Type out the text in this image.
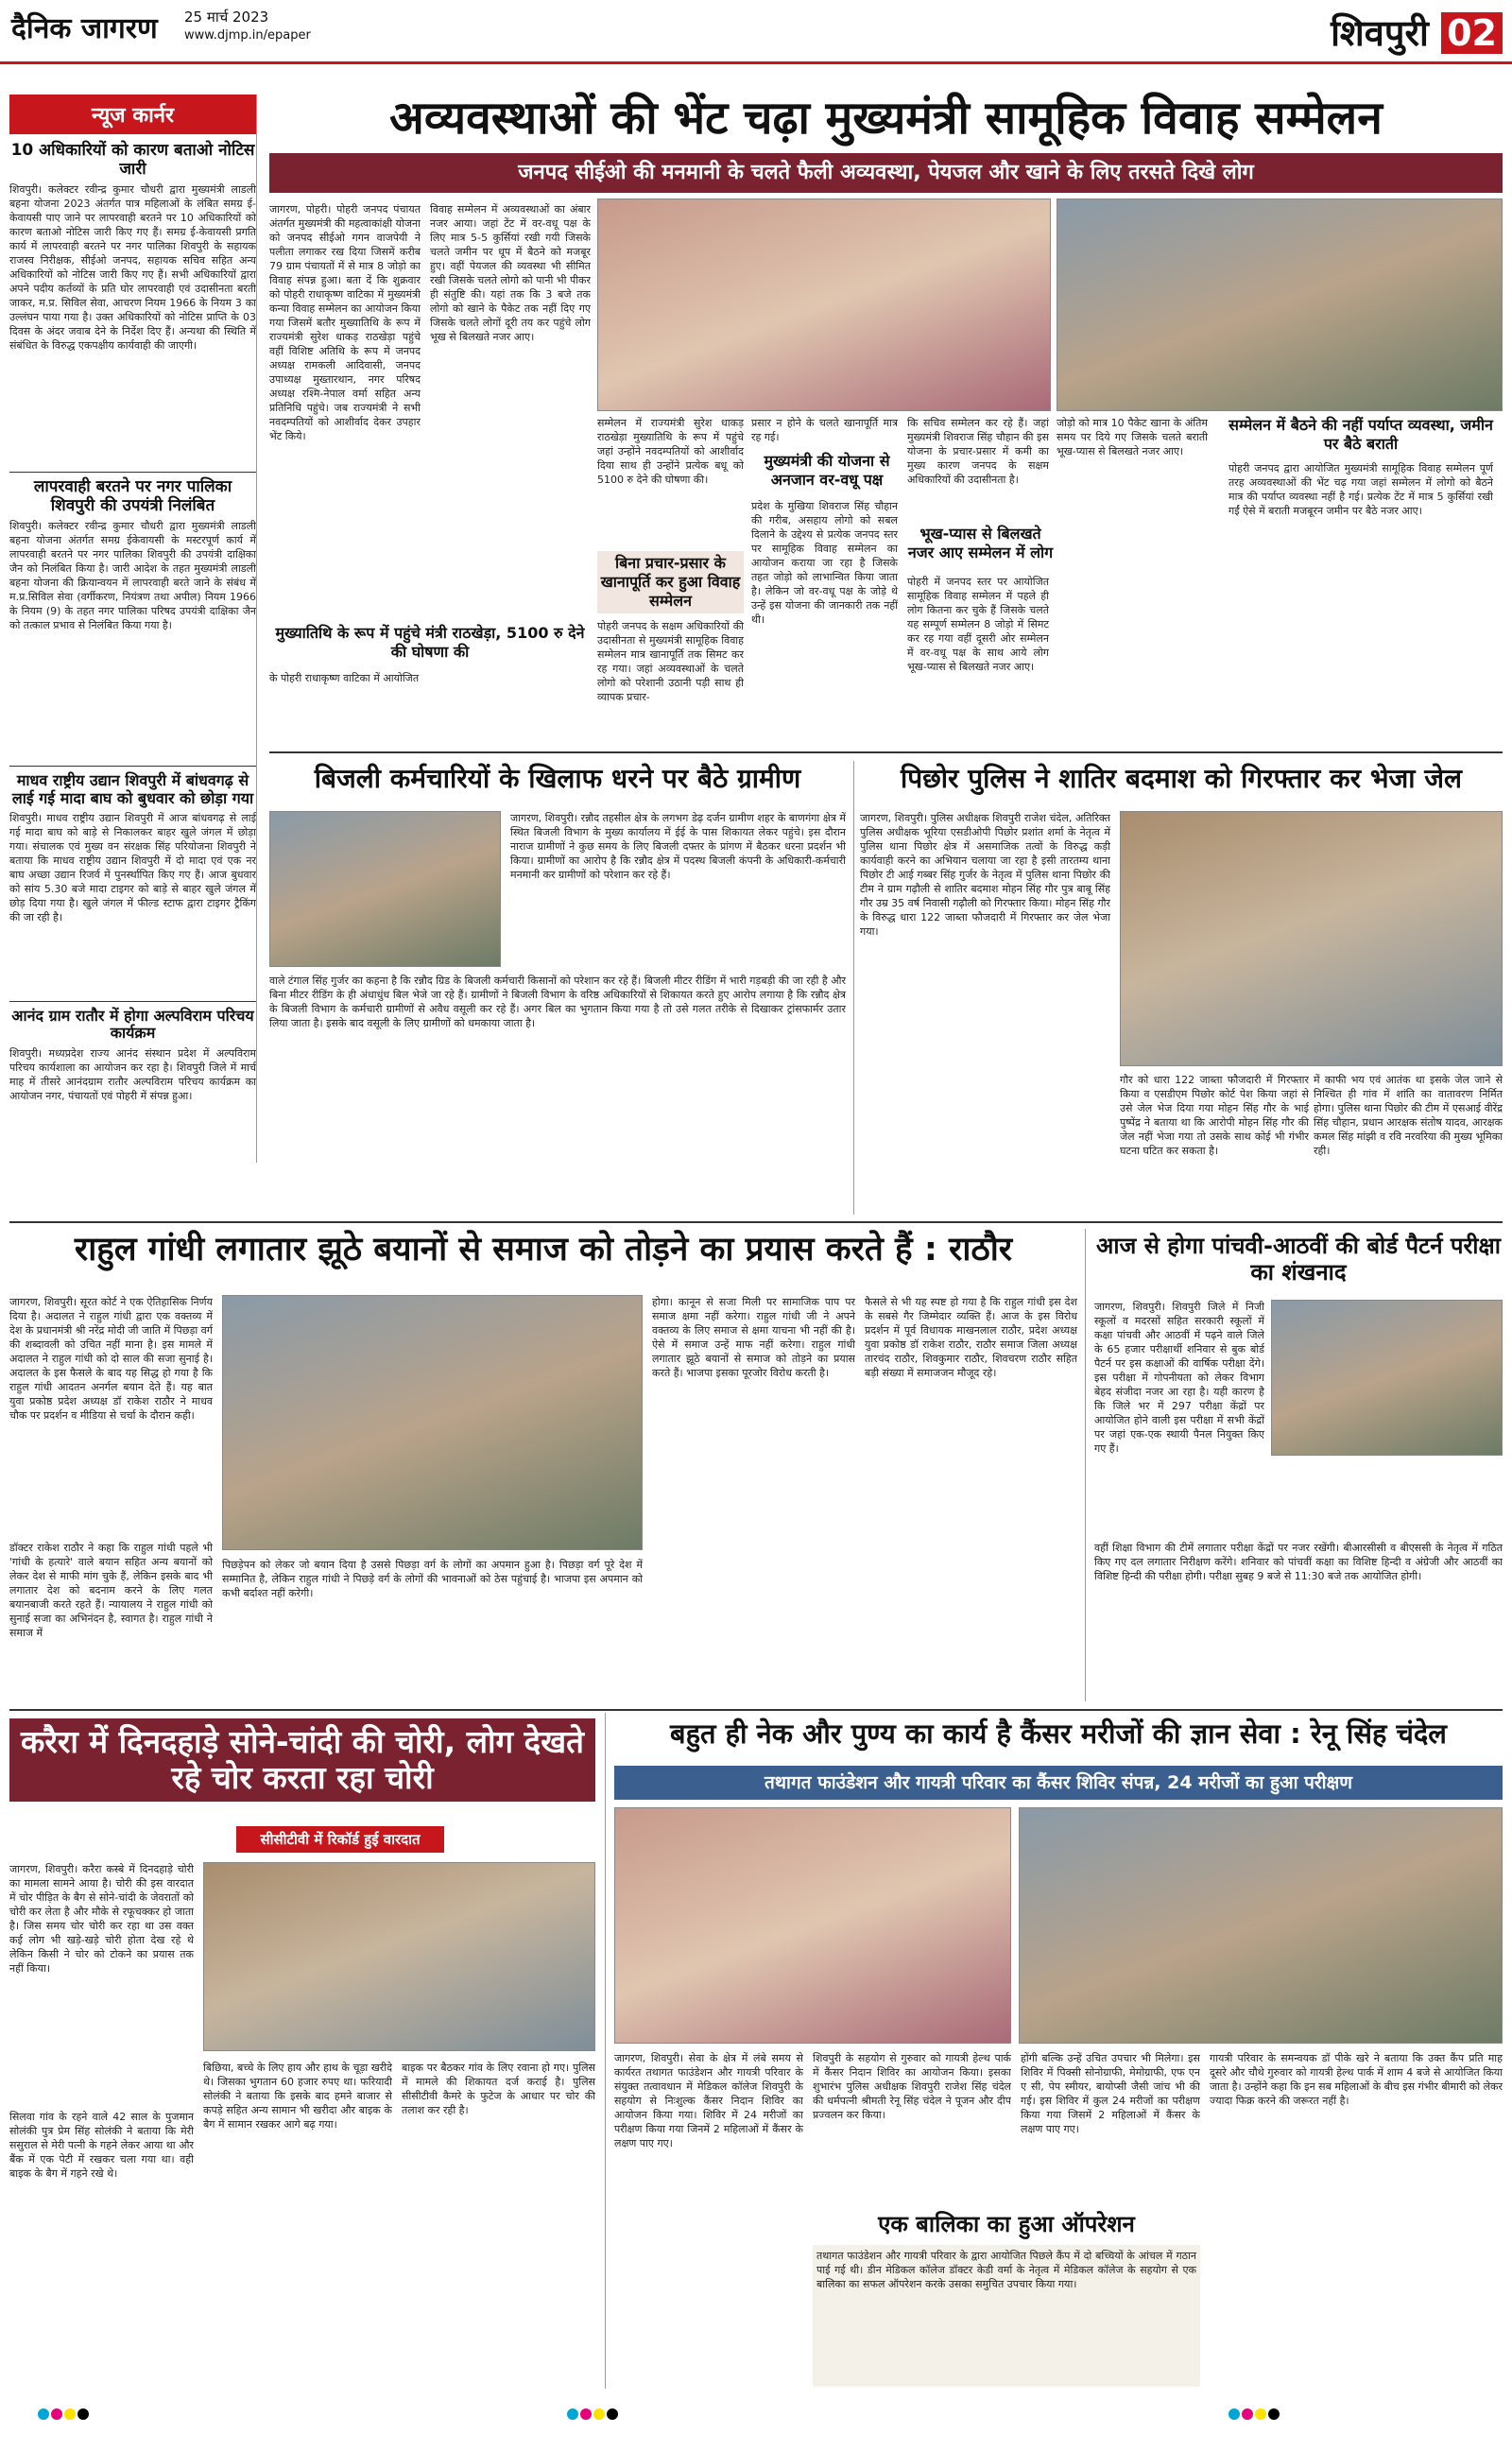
दैनिक जागरण 25 मार्च 2023
www.djmp.in/epaper	शिवपुरी 02
न्यूज कार्नर
10 अधिकारियों को कारण बताओ नोटिस जारी
शिवपुरी। कलेक्टर रवीन्द्र कुमार चौधरी द्वारा मुख्यमंत्री लाडली बहना योजना 2023 अंतर्गत पात्र महिलाओं के लंबित समग्र ई-केवायसी पाए जाने पर लापरवाही बरतने पर 10 अधिकारियों को कारण बताओ नोटिस जारी किए गए हैं। समग्र ई-केवायसी प्रगति कार्य में लापरवाही बरतने पर नगर पालिका शिवपुरी के सहायक राजस्व निरीक्षक, सीईओ जनपद, सहायक सचिव सहित अन्य अधिकारियों को नोटिस जारी किए गए हैं। सभी अधिकारियों द्वारा अपने पदीय कर्तव्यों के प्रति घोर लापरवाही एवं उदासीनता बरती जाकर, म.प्र. सिविल सेवा, आचरण नियम 1966 के नियम 3 का उल्लंघन पाया गया है। उक्त अधिकारियों को नोटिस प्राप्ति के 03 दिवस के अंदर जवाब देने के निर्देश दिए हैं। अन्यथा की स्थिति में संबंधित के विरुद्ध एकपक्षीय कार्यवाही की जाएगी।
लापरवाही बरतने पर नगर पालिका शिवपुरी की उपयंत्री निलंबित
शिवपुरी। कलेक्टर रवीन्द्र कुमार चौधरी द्वारा मुख्यमंत्री लाडली बहना योजना अंतर्गत समग्र ईकेवायसी के मस्टरपूर्ण कार्य में लापरवाही बरतने पर नगर पालिका शिवपुरी की उपयंत्री दाक्षिका जैन को निलंबित किया है। जारी आदेश के तहत मुख्यमंत्री लाडली बहना योजना की क्रियान्वयन में लापरवाही बरते जाने के संबंध में म.प्र.सिविल सेवा (वर्गीकरण, नियंत्रण तथा अपील) नियम 1966 के नियम (9) के तहत नगर पालिका परिषद उपयंत्री दाक्षिका जैन को तत्काल प्रभाव से निलंबित किया गया है।
माधव राष्ट्रीय उद्यान शिवपुरी में बांधवगढ़ से लाई गई मादा बाघ को बुधवार को छोड़ा गया
शिवपुरी। माधव राष्ट्रीय उद्यान शिवपुरी में आज बांधवगढ़ से लाई गई मादा बाघ को बाड़े से निकालकर बाहर खुले जंगल में छोड़ा गया। संचालक एवं मुख्य वन संरक्षक सिंह परियोजना शिवपुरी ने बताया कि माधव राष्ट्रीय उद्यान शिवपुरी में दो मादा एवं एक नर बाघ अच्छा उद्यान रिजर्व में पुनर्स्थापित किए गए हैं। आज बुधवार को सांय 5.30 बजे मादा टाइगर को बाड़े से बाहर खुले जंगल में छोड़ दिया गया है। खुले जंगल में फील्ड स्टाफ द्वारा टाइगर ट्रैकिंग की जा रही है।
आनंद ग्राम रातौर में होगा अल्पविराम परिचय कार्यक्रम
शिवपुरी। मध्यप्रदेश राज्य आनंद संस्थान प्रदेश में अल्पविराम परिचय कार्यशाला का आयोजन कर रहा है। शिवपुरी जिले में मार्च माह में तीसरे आनंदग्राम रातौर अल्पविराम परिचय कार्यक्रम का आयोजन नगर, पंचायतों एवं पोहरी में संपन्न हुआ।
अव्यवस्थाओं की भेंट चढ़ा मुख्यमंत्री सामूहिक विवाह सम्मेलन
जनपद सीईओ की मनमानी के चलते फैली अव्यवस्था, पेयजल और खाने के लिए तरसते दिखे लोग
जागरण, पोहरी। पोहरी जनपद पंचायत अंतर्गत मुख्यमंत्री की महत्वाकांक्षी योजना को जनपद सीईओ गगन वाजपेयी ने पलीता लगाकर रख दिया जिसमें करीब 79 ग्राम पंचायतों में से मात्र 8 जोड़ो का विवाह संपन्न हुआ। बता दें कि शुक्रवार को पोहरी राधाकृष्ण वाटिका में मुख्यमंत्री कन्या विवाह सम्मेलन का आयोजन किया गया जिसमें बतौर मुख्यातिथि के रूप में राज्यमंत्री सुरेश धाकड़ राठखेड़ा पहुंचे वहीं विशिष्ट अतिथि के रूप में जनपद अध्यक्ष रामकली आदिवासी, जनपद उपाध्यक्ष मुख्तारथान, नगर परिषद अध्यक्ष रश्मि-नेपाल वर्मा सहित अन्य प्रतिनिधि पहुंचे। जब राज्यमंत्री ने सभी नवदम्पतियों को आशीर्वाद देकर उपहार भेंट किये।
विवाह सम्मेलन में अव्यवस्थाओं का अंबार नजर आया। जहां टेंट में वर-वधू पक्ष के लिए मात्र 5-5 कुर्सियां रखी गयी जिसके चलते जमीन पर धूप में बैठने को मजबूर हुए। वहीं पेयजल की व्यवस्था भी सीमित रखी जिसके चलते लोगो को पानी भी पीकर ही संतुष्टि की। यहां तक कि 3 बजे तक लोगो को खाने के पैकेट तक नहीं दिए गए जिसके चलते लोगों दूरी तय कर पहुंचे लोग भूख से बिलखते नजर आए।
सम्मेलन में राज्यमंत्री सुरेश धाकड़ राठखेड़ा मुख्यातिथि के रूप में पहुंचे जहां उन्होंने नवदम्पतियों को आशीर्वाद दिया साथ ही उन्होंने प्रत्येक बधू को 5100 रु देने की घोषणा की।
प्रसार न होने के चलते खानापूर्ति मात्र रह गई।
मुख्यमंत्री की योजना से अनजान वर-वधू पक्ष
प्रदेश के मुखिया शिवराज सिंह चौहान की गरीब, असहाय लोगो को सबल दिलाने के उद्देश्य से प्रत्येक जनपद स्तर पर सामूहिक विवाह सम्मेलन का आयोजन कराया जा रहा है जिसके तहत जोड़ो को लाभान्वित किया जाता है। लेकिन जो वर-वधू पक्ष के जोड़े थे उन्हें इस योजना की जानकारी तक नहीं थी।
कि सचिव सम्मेलन कर रहे हैं। जहां मुख्यमंत्री शिवराज सिंह चौहान की इस योजना के प्रचार-प्रसार में कमी का मुख्य कारण जनपद के सक्षम अधिकारियों की उदासीनता है।
भूख-प्यास से बिलखते नजर आए सम्मेलन में लोग
पोहरी में जनपद स्तर पर आयोजित सामूहिक विवाह सम्मेलन में पहले ही लोग कितना कर चुके हैं जिसके चलते यह सम्पूर्ण सम्मेलन 8 जोड़ो में सिमट कर रह गया वहीं दूसरी ओर सम्मेलन में वर-वधू पक्ष के साथ आये लोग भूख-प्यास से बिलखते नजर आए।
जोड़ो को मात्र 10 पैकेट खाना के अंतिम समय पर दिये गए जिसके चलते बराती भूख-प्यास से बिलखते नजर आए।
सम्मेलन में बैठने की नहीं पर्याप्त व्यवस्था, जमीन पर बैठे बराती
पोहरी जनपद द्वारा आयोजित मुख्यमंत्री सामूहिक विवाह सम्मेलन पूर्ण तरह अव्यवस्थाओं की भेंट चढ़ गया जहां सम्मेलन में लोगो को बैठने मात्र की पर्याप्त व्यवस्था नहीं है गई। प्रत्येक टेंट में मात्र 5 कुर्सियां रखी गईं ऐसे में बराती मजबूरन जमीन पर बैठे नजर आए।
बिना प्रचार-प्रसार के खानापूर्ति कर हुआ विवाह सम्मेलन
पोहरी जनपद के सक्षम अधिकारियों की उदासीनता से मुख्यमंत्री सामूहिक विवाह सम्मेलन मात्र खानापूर्ति तक सिमट कर रह गया। जहां अव्यवस्थाओं के चलते लोगो को परेशानी उठानी पड़ी साथ ही व्यापक प्रचार-
मुख्यातिथि के रूप में पहुंचे मंत्री राठखेड़ा, 5100 रु देने की घोषणा की
के पोहरी राधाकृष्ण वाटिका में आयोजित
बिजली कर्मचारियों के खिलाफ धरने पर बैठे ग्रामीण
जागरण, शिवपुरी। रन्नौद तहसील क्षेत्र के लगभग डेढ़ दर्जन ग्रामीण शहर के बाणगंगा क्षेत्र में स्थित बिजली विभाग के मुख्य कार्यालय में ईई के पास शिकायत लेकर पहुंचे। इस दौरान नाराज ग्रामीणों ने कुछ समय के लिए बिजली दफ्तर के प्रांगण में बैठकर धरना प्रदर्शन भी किया। ग्रामीणों का आरोप है कि रन्नौद क्षेत्र में पदस्थ बिजली कंपनी के अधिकारी-कर्मचारी मनमानी कर ग्रामीणों को परेशान कर रहे हैं।
वाले टंगाल सिंह गुर्जर का कहना है कि रन्नौद ग्रिड के बिजली कर्मचारी किसानों को परेशान कर रहे हैं। बिजली मीटर रीडिंग में भारी गड़बड़ी की जा रही है और बिना मीटर रीडिंग के ही अंधाधुंध बिल भेजे जा रहे हैं। ग्रामीणों ने बिजली विभाग के वरिष्ठ अधिकारियों से शिकायत करते हुए आरोप लगाया है कि रन्नौद क्षेत्र के बिजली विभाग के कर्मचारी ग्रामीणों से अवैध वसूली कर रहे हैं। अगर बिल का भुगतान किया गया है तो उसे गलत तरीके से दिखाकर ट्रांसफार्मर उतार लिया जाता है। इसके बाद वसूली के लिए ग्रामीणों को धमकाया जाता है।
पिछोर पुलिस ने शातिर बदमाश को गिरफ्तार कर भेजा जेल
जागरण, शिवपुरी। पुलिस अधीक्षक शिवपुरी राजेश चंदेल, अतिरिक्त पुलिस अधीक्षक भूरिया एसडीओपी पिछोर प्रशांत शर्मा के नेतृत्व में पुलिस थाना पिछोर क्षेत्र में असमाजिक तत्वों के विरुद्ध कड़ी कार्यवाही करने का अभियान चलाया जा रहा है इसी तारतम्य थाना पिछोर टी आई गब्बर सिंह गुर्जर के नेतृत्व में पुलिस थाना पिछोर की टीम ने ग्राम गढ़ौली से शातिर बदमाश मोहन सिंह गौर पुत्र बाबू सिंह गौर उम्र 35 वर्ष निवासी गढ़ौली को गिरफ्तार किया। मोहन सिंह गौर के विरुद्ध धारा 122 जाब्ता फौजदारी में गिरफ्तार कर जेल भेजा गया।
गौर को धारा 122 जाब्ता फौजदारी में गिरफ्तार किया व एसडीएम पिछोर कोर्ट पेश किया जहां से उसे जेल भेज दिया गया मोहन सिंह गौर के भाई पुष्पेंद्र ने बताया था कि आरोपी मोहन सिंह गौर की जेल नहीं भेजा गया तो उसके साथ कोई भी गंभीर घटना घटित कर सकता है।
में काफी भय एवं आतंक था इसके जेल जाने से निश्चित ही गांव में शांति का वातावरण निर्मित होगा। पुलिस थाना पिछोर की टीम में एसआई वीरेंद्र सिंह चौहान, प्रधान आरक्षक संतोष यादव, आरक्षक कमल सिंह मांझी व रवि नरवरिया की मुख्य भूमिका रही।
राहुल गांधी लगातार झूठे बयानों से समाज को तोड़ने का प्रयास करते हैं : राठौर
जागरण, शिवपुरी। सूरत कोर्ट ने एक ऐतिहासिक निर्णय दिया है। अदालत ने राहुल गांधी द्वारा एक वक्तव्य में देश के प्रधानमंत्री श्री नरेंद्र मोदी जी जाति में पिछड़ा वर्ग की शब्दावली को उचित नहीं माना है। इस मामले में अदालत ने राहुल गांधी को दो साल की सजा सुनाई है। अदालत के इस फैसले के बाद यह सिद्ध हो गया है कि राहुल गांधी आदतन अनर्गल बयान देते हैं। यह बात युवा प्रकोष्ठ प्रदेश अध्यक्ष डॉ राकेश राठौर ने माधव चौक पर प्रदर्शन व मीडिया से चर्चा के दौरान कही।
डॉक्टर राकेश राठौर ने कहा कि राहुल गांधी पहले भी 'गांधी के हत्यारे' वाले बयान सहित अन्य बयानों को लेकर देश से माफी मांग चुके हैं, लेकिन इसके बाद भी लगातार देश को बदनाम करने के लिए गलत बयानबाजी करते रहते हैं। न्यायालय ने राहुल गांधी को सुनाई सजा का अभिनंदन है, स्वागत है। राहुल गांधी ने समाज में
पिछड़ेपन को लेकर जो बयान दिया है उससे पिछड़ा वर्ग के लोगों का अपमान हुआ है। पिछड़ा वर्ग पूरे देश में सम्मानित है, लेकिन राहुल गांधी ने पिछड़े वर्ग के लोगों की भावनाओं को ठेस पहुंचाई है। भाजपा इस अपमान को कभी बर्दाश्त नहीं करेगी।
होगा। कानून से सजा मिली पर सामाजिक पाप पर समाज क्षमा नहीं करेगा। राहुल गांधी जी ने अपने वक्तव्य के लिए समाज से क्षमा याचना भी नहीं की है। ऐसे में समाज उन्हें माफ नहीं करेगा। राहुल गांधी लगातार झूठे बयानों से समाज को तोड़ने का प्रयास करते हैं। भाजपा इसका पूरजोर विरोध करती है।
फैसले से भी यह स्पष्ट हो गया है कि राहुल गांधी इस देश के सबसे गैर जिम्मेदार व्यक्ति हैं। आज के इस विरोध प्रदर्शन में पूर्व विधायक माखनलाल राठौर, प्रदेश अध्यक्ष युवा प्रकोष्ठ डॉ राकेश राठौर, राठौर समाज जिला अध्यक्ष तारचंद राठौर, शिवकुमार राठौर, शिवचरण राठौर सहित बड़ी संख्या में समाजजन मौजूद रहे।
आज से होगा पांचवी-आठवीं की बोर्ड पैटर्न परीक्षा का शंखनाद
जागरण, शिवपुरी। शिवपुरी जिले में निजी स्कूलों व मदरसों सहित सरकारी स्कूलों में कक्षा पांचवी और आठवीं में पढ़ने वाले जिले के 65 हजार परीक्षार्थी शनिवार से बुक बोर्ड पैटर्न पर इस कक्षाओं की वार्षिक परीक्षा देंगे। इस परीक्षा में गोपनीयता को लेकर विभाग बेहद संजीदा नजर आ रहा है। यही कारण है कि जिले भर में 297 परीक्षा केंद्रों पर आयोजित होने वाली इस परीक्षा में सभी केंद्रों पर जहां एक-एक स्थायी पैनल नियुक्त किए गए हैं।
वहीं शिक्षा विभाग की टीमें लगातार परीक्षा केंद्रों पर नजर रखेंगी। बीआरसीसी व बीएससी के नेतृत्व में गठित किए गए दल लगातार निरीक्षण करेंगे। शनिवार को पांचवीं कक्षा का विशिष्ट हिन्दी व अंग्रेजी और आठवीं का विशिष्ट हिन्दी की परीक्षा होगी। परीक्षा सुबह 9 बजे से 11:30 बजे तक आयोजित होगी।
करैरा में दिनदहाड़े सोने-चांदी की चोरी, लोग देखते रहे चोर करता रहा चोरी
सीसीटीवी में रिकॉर्ड हुई वारदात
जागरण, शिवपुरी। करैरा कस्बे में दिनदहाड़े चोरी का मामला सामने आया है। चोरी की इस वारदात में चोर पीड़ित के बैग से सोने-चांदी के जेवरातों को चोरी कर लेता है और मौके से रफूचक्कर हो जाता है। जिस समय चोर चोरी कर रहा था उस वक्त कई लोग भी खड़े-खड़े चोरी होता देख रहे थे लेकिन किसी ने चोर को टोकने का प्रयास तक नहीं किया।
सिलवा गांव के रहने वाले 42 साल के पुजमान सोलंकी पुत्र प्रेम सिंह सोलंकी ने बताया कि मेरी ससुराल से मेरी पत्नी के गहने लेकर आया था और बैंक में एक पेटी में रखकर चला गया था। वही बाइक के बैग में गहने रखे थे।
बिछिया, बच्चे के लिए हाय और हाथ के चूड़ा खरीदे थे। जिसका भुगतान 60 हजार रुपए था। फरियादी सोलंकी ने बताया कि इसके बाद हमने बाजार से कपड़े सहित अन्य सामान भी खरीदा और बाइक के बैग में सामान रखकर आगे बढ़ गया।
बाइक पर बैठकर गांव के लिए रवाना हो गए। पुलिस में मामले की शिकायत दर्ज कराई है। पुलिस सीसीटीवी कैमरे के फुटेज के आधार पर चोर की तलाश कर रही है।
बहुत ही नेक और पुण्य का कार्य है कैंसर मरीजों की ज्ञान सेवा : रेनू सिंह चंदेल
तथागत फाउंडेशन और गायत्री परिवार का कैंसर शिविर संपन्न, 24 मरीजों का हुआ परीक्षण
जागरण, शिवपुरी। सेवा के क्षेत्र में लंबे समय से कार्यरत तथागत फाउंडेशन और गायत्री परिवार के संयुक्त तत्वावधान में मेडिकल कॉलेज शिवपुरी के सहयोग से निःशुल्क कैंसर निदान शिविर का आयोजन किया गया। शिविर में 24 मरीजों का परीक्षण किया गया जिनमें 2 महिलाओं में कैंसर के लक्षण पाए गए।
शिवपुरी के सहयोग से गुरुवार को गायत्री हेल्थ पार्क में कैंसर निदान शिविर का आयोजन किया। इसका शुभारंभ पुलिस अधीक्षक शिवपुरी राजेश सिंह चंदेल की धर्मपत्नी श्रीमती रेनू सिंह चंदेल ने पूजन और दीप प्रज्वलन कर किया।
एक बालिका का हुआ ऑपरेशन
तथागत फाउंडेशन और गायत्री परिवार के द्वारा आयोजित पिछले कैंप में दो बच्चियों के आंचल में गठान पाई गई थी। डीन मेडिकल कॉलेज डॉक्टर केडी वर्मा के नेतृत्व में मेडिकल कॉलेज के सहयोग से एक बालिका का सफल ऑपरेशन करके उसका समुचित उपचार किया गया।
होंगी बल्कि उन्हें उचित उपचार भी मिलेगा। इस शिविर में पिक्सी सोनोग्राफी, मेमोग्राफी, एफ एन ए सी, पेप स्मीयर, बायोप्सी जैसी जांच भी की गई। इस शिविर में कुल 24 मरीजों का परीक्षण किया गया जिसमें 2 महिलाओं में कैंसर के लक्षण पाए गए।
गायत्री परिवार के समन्वयक डॉ पीके खरे ने बताया कि उक्त कैंप प्रति माह दूसरे और चौथे गुरुवार को गायत्री हेल्थ पार्क में शाम 4 बजे से आयोजित किया जाता है। उन्होंने कहा कि इन सब महिलाओं के बीच इस गंभीर बीमारी को लेकर ज्यादा फिक्र करने की जरूरत नहीं है।
